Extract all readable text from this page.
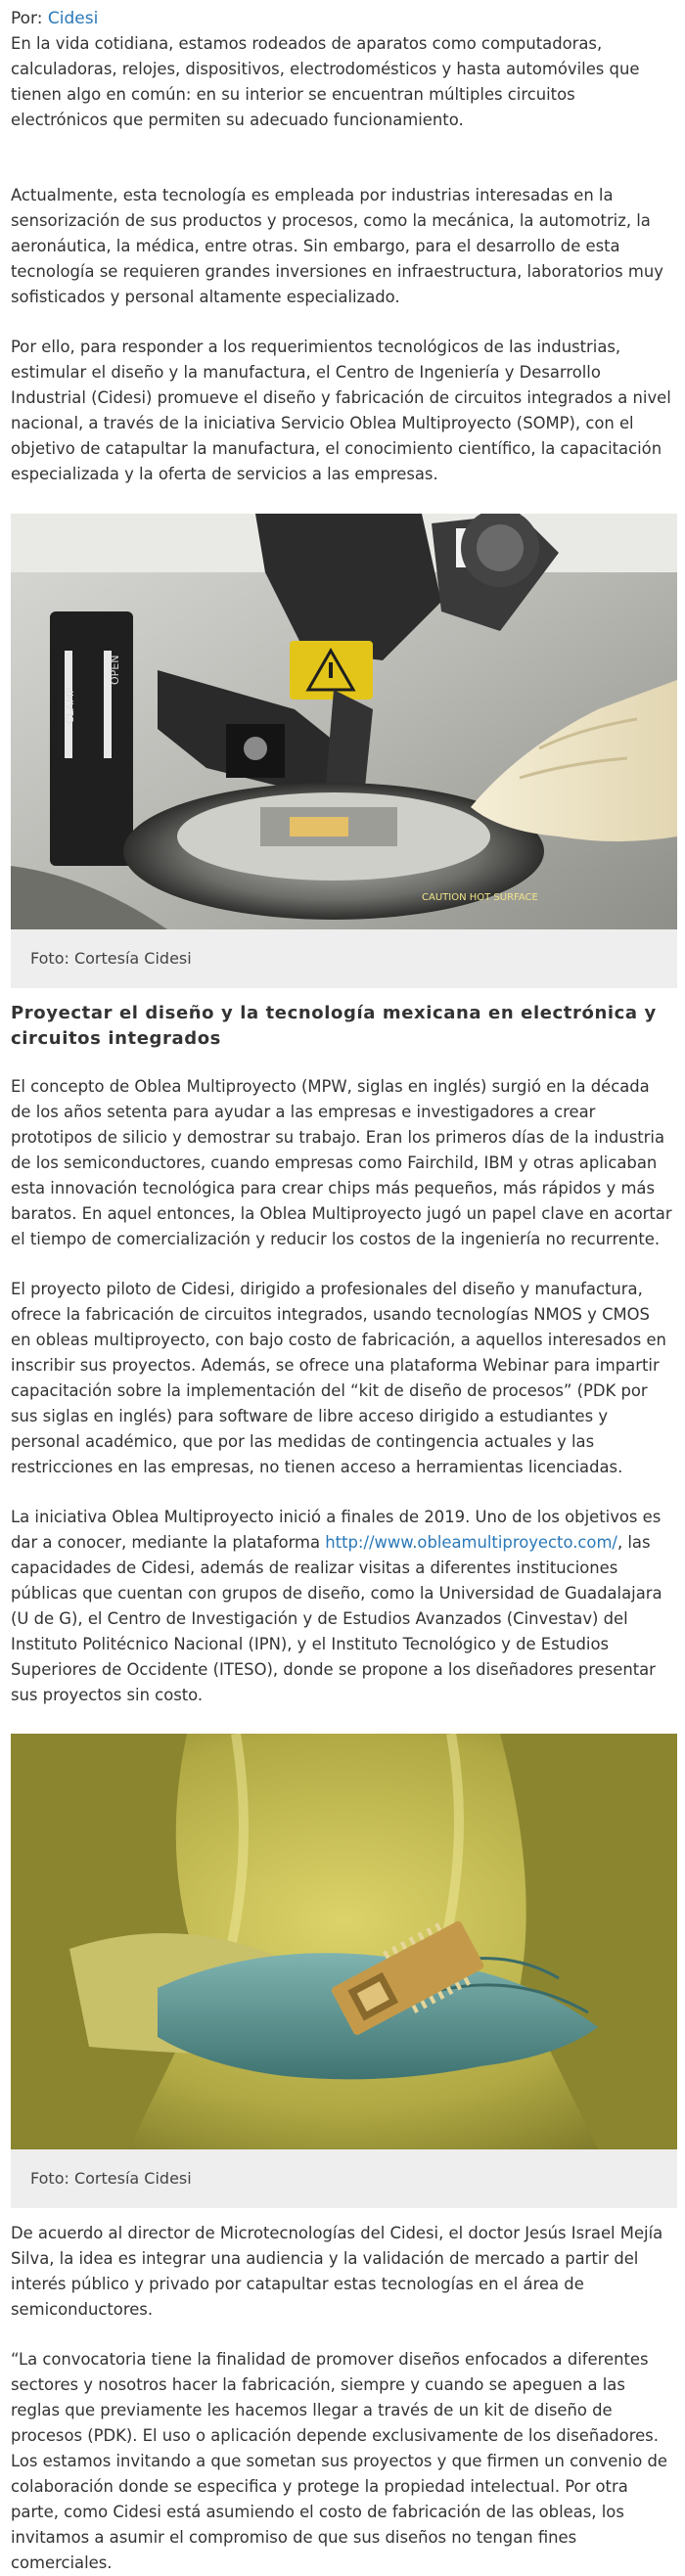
Por: Cidesi

En la vida cotidiana, estamos rodeados de aparatos como computadoras, calculadoras, relojes, dispositivos, electrodomésticos y hasta automóviles que tienen algo en común: en su interior se encuentran múltiples circuitos electrónicos que permiten su adecuado funcionamiento.

Actualmente, esta tecnología es empleada por industrias interesadas en la sensorización de sus productos y procesos, como la mecánica, la automotriz, la aeronáutica, la médica, entre otras. Sin embargo, para el desarrollo de esta tecnología se requieren grandes inversiones en infraestructura, laboratorios muy sofisticados y personal altamente especializado.

Por ello, para responder a los requerimientos tecnológicos de las industrias, estimular el diseño y la manufactura, el Centro de Ingeniería y Desarrollo Industrial (Cidesi) promueve el diseño y fabricación de circuitos integrados a nivel nacional, a través de la iniciativa Servicio Oblea Multiproyecto (SOMP), con el objetivo de catapultar la manufactura, el conocimiento científico, la capacitación especializada y la oferta de servicios a las empresas.

CLAMP
OPEN
CAUTION HOT SURFACE
Foto: Cortesía Cidesi
Proyectar el diseño y la tecnología mexicana en electrónica y circuitos integrados

El concepto de Oblea Multiproyecto (MPW, siglas en inglés) surgió en la década de los años setenta para ayudar a las empresas e investigadores a crear prototipos de silicio y demostrar su trabajo. Eran los primeros días de la industria de los semiconductores, cuando empresas como Fairchild, IBM y otras aplicaban esta innovación tecnológica para crear chips más pequeños, más rápidos y más baratos. En aquel entonces, la Oblea Multiproyecto jugó un papel clave en acortar el tiempo de comercialización y reducir los costos de la ingeniería no recurrente.

El proyecto piloto de Cidesi, dirigido a profesionales del diseño y manufactura, ofrece la fabricación de circuitos integrados, usando tecnologías NMOS y CMOS en obleas multiproyecto, con bajo costo de fabricación, a aquellos interesados en inscribir sus proyectos. Además, se ofrece una plataforma Webinar para impartir capacitación sobre la implementación del “kit de diseño de procesos” (PDK por sus siglas en inglés) para software de libre acceso dirigido a estudiantes y personal académico, que por las medidas de contingencia actuales y las restricciones en las empresas, no tienen acceso a herramientas licenciadas.

La iniciativa Oblea Multiproyecto inició a finales de 2019. Uno de los objetivos es dar a conocer, mediante la plataforma http://www.obleamultiproyecto.com/, las capacidades de Cidesi, además de realizar visitas a diferentes instituciones públicas que cuentan con grupos de diseño, como la Universidad de Guadalajara (U de G), el Centro de Investigación y de Estudios Avanzados (Cinvestav) del Instituto Politécnico Nacional (IPN), y el Instituto Tecnológico y de Estudios Superiores de Occidente (ITESO), donde se propone a los diseñadores presentar sus proyectos sin costo.

Foto: Cortesía Cidesi

De acuerdo al director de Microtecnologías del Cidesi, el doctor Jesús Israel Mejía Silva, la idea es integrar una audiencia y la validación de mercado a partir del interés público y privado por catapultar estas tecnologías en el área de semiconductores.

“La convocatoria tiene la finalidad de promover diseños enfocados a diferentes sectores y nosotros hacer la fabricación, siempre y cuando se apeguen a las reglas que previamente les hacemos llegar a través de un kit de diseño de procesos (PDK). El uso o aplicación depende exclusivamente de los diseñadores. Los estamos invitando a que sometan sus proyectos y que firmen un convenio de colaboración donde se especifica y protege la propiedad intelectual. Por otra parte, como Cidesi está asumiendo el costo de fabricación de las obleas, los invitamos a asumir el compromiso de que sus diseños no tengan fines comerciales.
